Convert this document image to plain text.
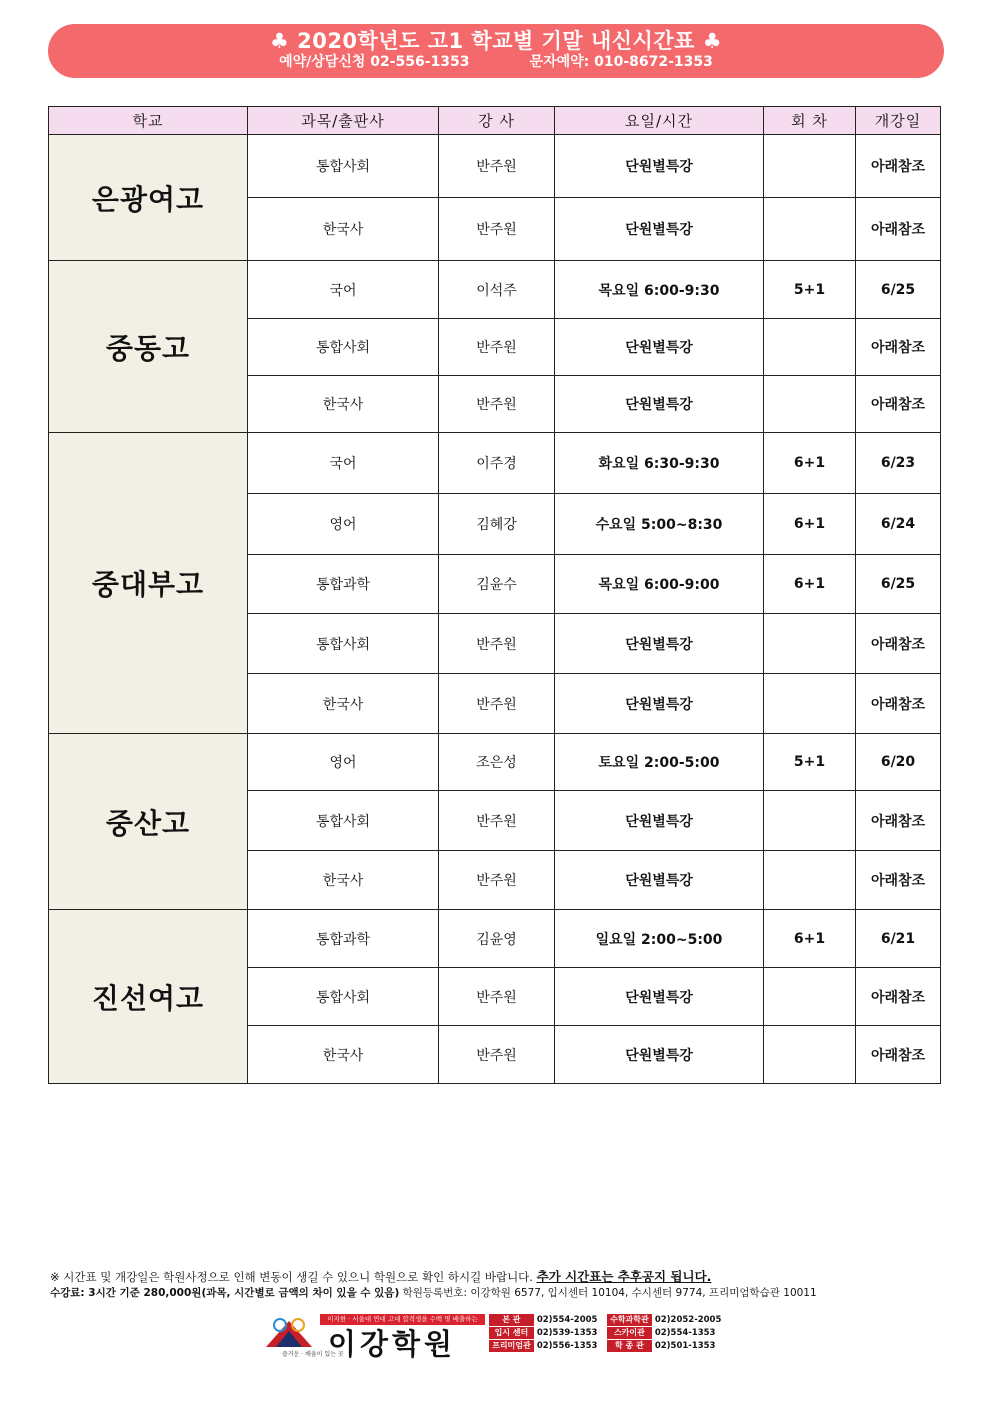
♣ 2020학년도 고1 학교별 기말 내신시간표 ♣
예약/상담신청 02-556-1353	문자예약: 010-8672-1353
학교	과목/출판사	강 사	요일/시간	회 차	개강일
은광여고	통합사회	반주원	단원별특강		아래참조
	한국사	반주원	단원별특강		아래참조
중동고	국어	이석주	목요일 6:00-9:30	5+1	6/25
	통합사회	반주원	단원별특강		아래참조
	한국사	반주원	단원별특강		아래참조
중대부고	국어	이주경	화요일 6:30-9:30	6+1	6/23
	영어	김혜강	수요일 5:00~8:30	6+1	6/24
	통합과학	김윤수	목요일 6:00-9:00	6+1	6/25
	통합사회	반주원	단원별특강		아래참조
	한국사	반주원	단원별특강		아래참조
중산고	영어	조은성	토요일 2:00-5:00	5+1	6/20
	통합사회	반주원	단원별특강		아래참조
	한국사	반주원	단원별특강		아래참조
진선여고	통합과학	김윤영	일요일 2:00~5:00	6+1	6/21
	통합사회	반주원	단원별특강		아래참조
	한국사	반주원	단원별특강		아래참조
※ 시간표 및 개강일은 학원사정으로 인해 변동이 생길 수 있으니 학원으로 확인 하시길 바랍니다. 추가 시간표는 추후공지 됩니다.
수강료: 3시간 기준 280,000원(과목, 시간별로 금액의 차이 있을 수 있음) 학원등록번호: 이강학원 6577, 입시센터 10104, 수시센터 9774, 프리미엄학습관 10011
이지한 · 서울대 연대 고대 합격생을 수백 명 배출하는
이강학원
즐거운 · 배움이 있는 곳
본 관	02)554-2005	수학과학관 02)2052-2005
입시 센터	02)539-1353	스카이관	02)554-1353
프리미엄관 02)556-1353	학 종 관	02)501-1353
